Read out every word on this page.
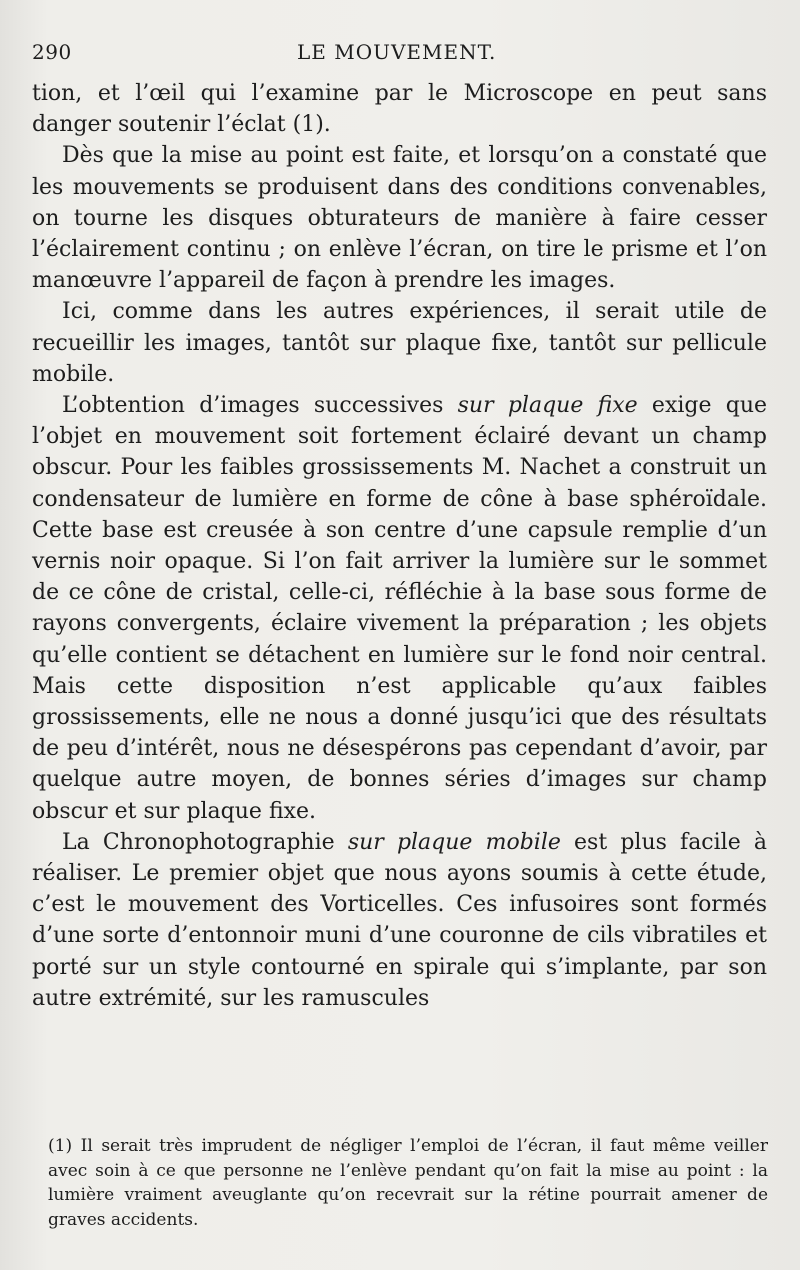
290	LE MOUVEMENT.

tion, et l’œil qui l’examine par le Microscope en peut sans danger soutenir l’éclat (1).

Dès que la mise au point est faite, et lorsqu’on a constaté que les mouvements se produisent dans des conditions convenables, on tourne les disques obturateurs de manière à faire cesser l’éclairement continu ; on enlève l’écran, on tire le prisme et l’on manœuvre l’appareil de façon à prendre les images.

Ici, comme dans les autres expériences, il serait utile de recueillir les images, tantôt sur plaque fixe, tantôt sur pellicule mobile.

L’obtention d’images successives sur plaque fixe exige que l’objet en mouvement soit fortement éclairé devant un champ obscur. Pour les faibles grossissements M. Nachet a construit un condensateur de lumière en forme de cône à base sphéroïdale. Cette base est creusée à son centre d’une capsule remplie d’un vernis noir opaque. Si l’on fait arriver la lumière sur le sommet de ce cône de cristal, celle-ci, réfléchie à la base sous forme de rayons convergents, éclaire vivement la préparation ; les objets qu’elle contient se détachent en lumière sur le fond noir central. Mais cette disposition n’est applicable qu’aux faibles grossissements, elle ne nous a donné jusqu’ici que des résultats de peu d’intérêt, nous ne désespérons pas cependant d’avoir, par quelque autre moyen, de bonnes séries d’images sur champ obscur et sur plaque fixe.

La Chronophotographie sur plaque mobile est plus facile à réaliser. Le premier objet que nous ayons soumis à cette étude, c’est le mouvement des Vorticelles. Ces infusoires sont formés d’une sorte d’entonnoir muni d’une couronne de cils vibratiles et porté sur un style contourné en spirale qui s’implante, par son autre extrémité, sur les ramuscules

(1) Il serait très imprudent de négliger l’emploi de l’écran, il faut même veiller avec soin à ce que personne ne l’enlève pendant qu’on fait la mise au point : la lumière vraiment aveuglante qu’on recevrait sur la rétine pourrait amener de graves accidents.
